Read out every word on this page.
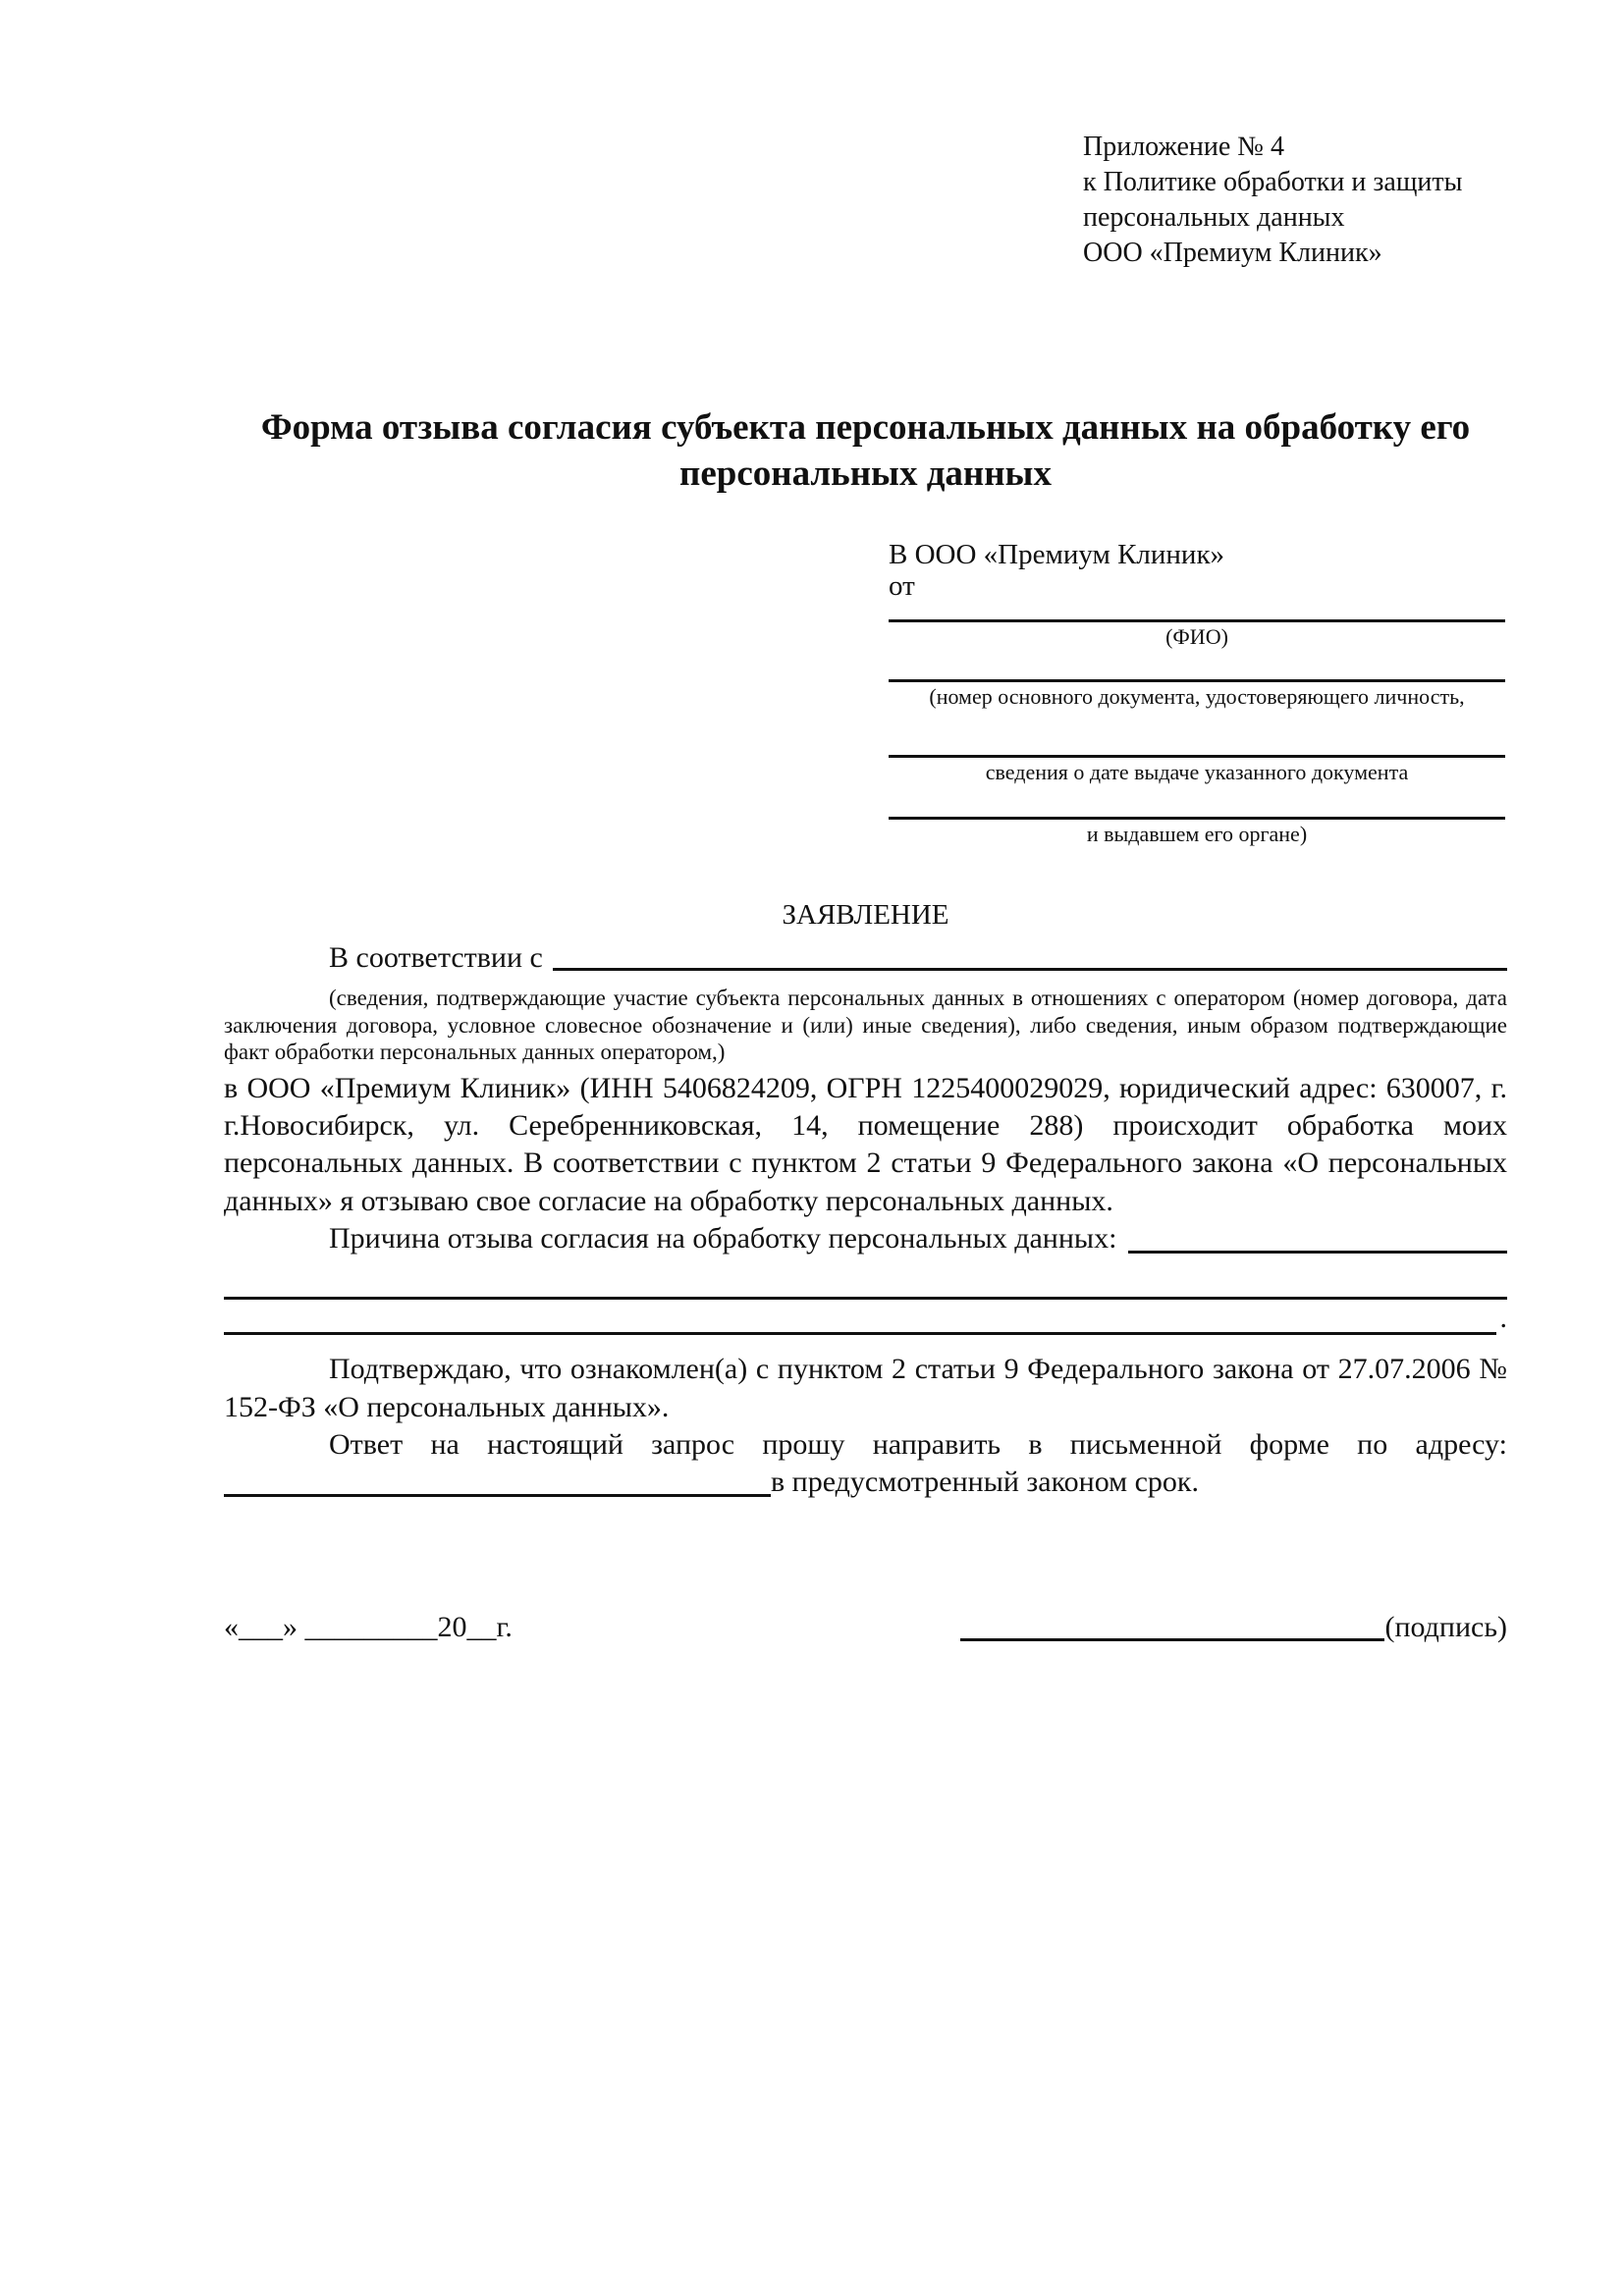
Приложение № 4
к Политике обработки и защиты
персональных данных
ООО «Премиум Клиник»
Форма отзыва согласия субъекта персональных данных на обработку его персональных данных
В ООО «Премиум Клиник»
от
(ФИО)
(номер основного документа, удостоверяющего личность,
сведения о дате выдаче указанного документа
и выдавшем его органе)
ЗАЯВЛЕНИЕ
В соответствии с

(сведения, подтверждающие участие субъекта персональных данных в отношениях с оператором (номер договора, дата заключения договора, условное словесное обозначение и (или) иные сведения), либо сведения, иным образом подтверждающие факт обработки персональных данных оператором,)

в ООО «Премиум Клиник» (ИНН 5406824209, ОГРН 1225400029029, юридический адрес: 630007, г. г.Новосибирск, ул. Серебренниковская, 14, помещение 288) происходит обработка моих персональных данных. В соответствии с пунктом 2 статьи 9 Федерального закона «О персональных данных» я отзываю свое согласие на обработку персональных данных.

Причина отзыва согласия на обработку персональных данных:
.

Подтверждаю, что ознакомлен(а) с пунктом 2 статьи 9 Федерального закона от 27.07.2006 № 152-ФЗ «О персональных данных».

Ответ на настоящий запрос прошу направить в письменной форме по адресу:

в предусмотренный законом срок.
«___» _________20__г.	(подпись)
